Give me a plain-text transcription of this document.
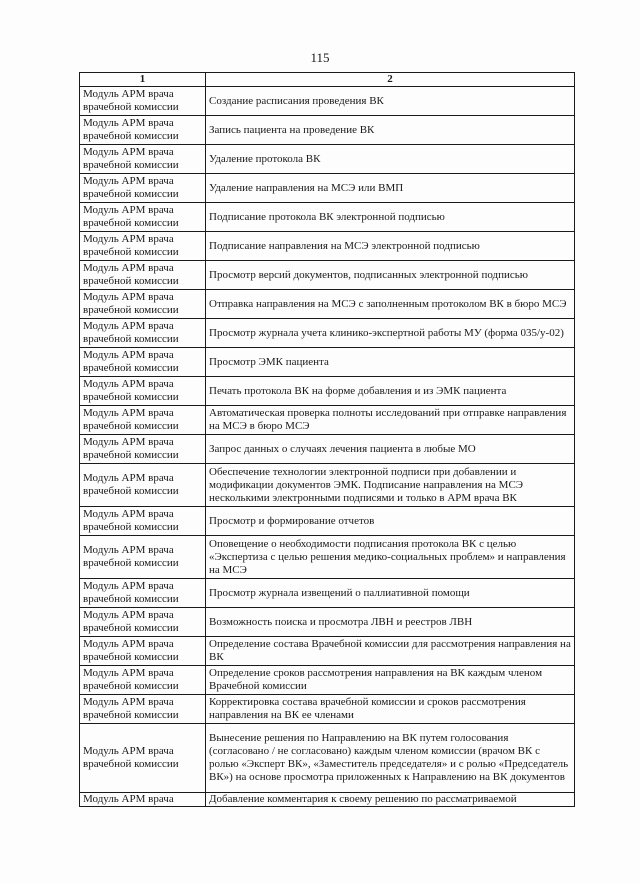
115
1	2

Модуль АРМ врача
врачебной комиссии	Создание расписания проведения ВК

Модуль АРМ врача
врачебной комиссии	Запись пациента на проведение ВК

Модуль АРМ врача
врачебной комиссии	Удаление протокола ВК

Модуль АРМ врача
врачебной комиссии	Удаление направления на МСЭ или ВМП

Модуль АРМ врача
врачебной комиссии	Подписание протокола ВК электронной подписью

Модуль АРМ врача
врачебной комиссии	Подписание направления на МСЭ электронной подписью

Модуль АРМ врача
врачебной комиссии	Просмотр версий документов, подписанных электронной подписью

Модуль АРМ врача
врачебной комиссии	Отправка направления на МСЭ с заполненным протоколом ВК в бюро МСЭ

Модуль АРМ врача
врачебной комиссии	Просмотр журнала учета клинико-экспертной работы МУ (форма 035/у-02)

Модуль АРМ врача
врачебной комиссии	Просмотр ЭМК пациента

Модуль АРМ врача
врачебной комиссии	Печать протокола ВК на форме добавления и из ЭМК пациента

Модуль АРМ врача
врачебной комиссии	Автоматическая проверка полноты исследований при отправке направления на МСЭ в бюро МСЭ

Модуль АРМ врача
врачебной комиссии	Запрос данных о случаях лечения пациента в любые МО

Модуль АРМ врача
врачебной комиссии	Обеспечение технологии электронной подписи при добавлении и модификации документов ЭМК. Подписание направления на МСЭ несколькими электронными подписями и только в АРМ врача ВК

Модуль АРМ врача
врачебной комиссии	Просмотр и формирование отчетов

Модуль АРМ врача
врачебной комиссии	Оповещение о необходимости подписания протокола ВК с целью «Экспертиза с целью решения медико-социальных проблем» и направления на МСЭ

Модуль АРМ врача
врачебной комиссии	Просмотр журнала извещений о паллиативной помощи

Модуль АРМ врача
врачебной комиссии	Возможность поиска и просмотра ЛВН и реестров ЛВН

Модуль АРМ врача
врачебной комиссии	Определение состава Врачебной комиссии для рассмотрения направления на ВК

Модуль АРМ врача
врачебной комиссии	Определение сроков рассмотрения направления на ВК каждым членом Врачебной комиссии

Модуль АРМ врача
врачебной комиссии	Корректировка состава врачебной комиссии и сроков рассмотрения направления на ВК ее членами

Модуль АРМ врача
врачебной комиссии	Вынесение решения по Направлению на ВК путем голосования (согласовано / не согласовано) каждым членом комиссии (врачом ВК с ролью «Эксперт ВК», «Заместитель председателя» и с ролью «Председатель ВК») на основе просмотра приложенных к Направлению на ВК документов

Модуль АРМ врача	Добавление комментария к своему решению по рассматриваемой
